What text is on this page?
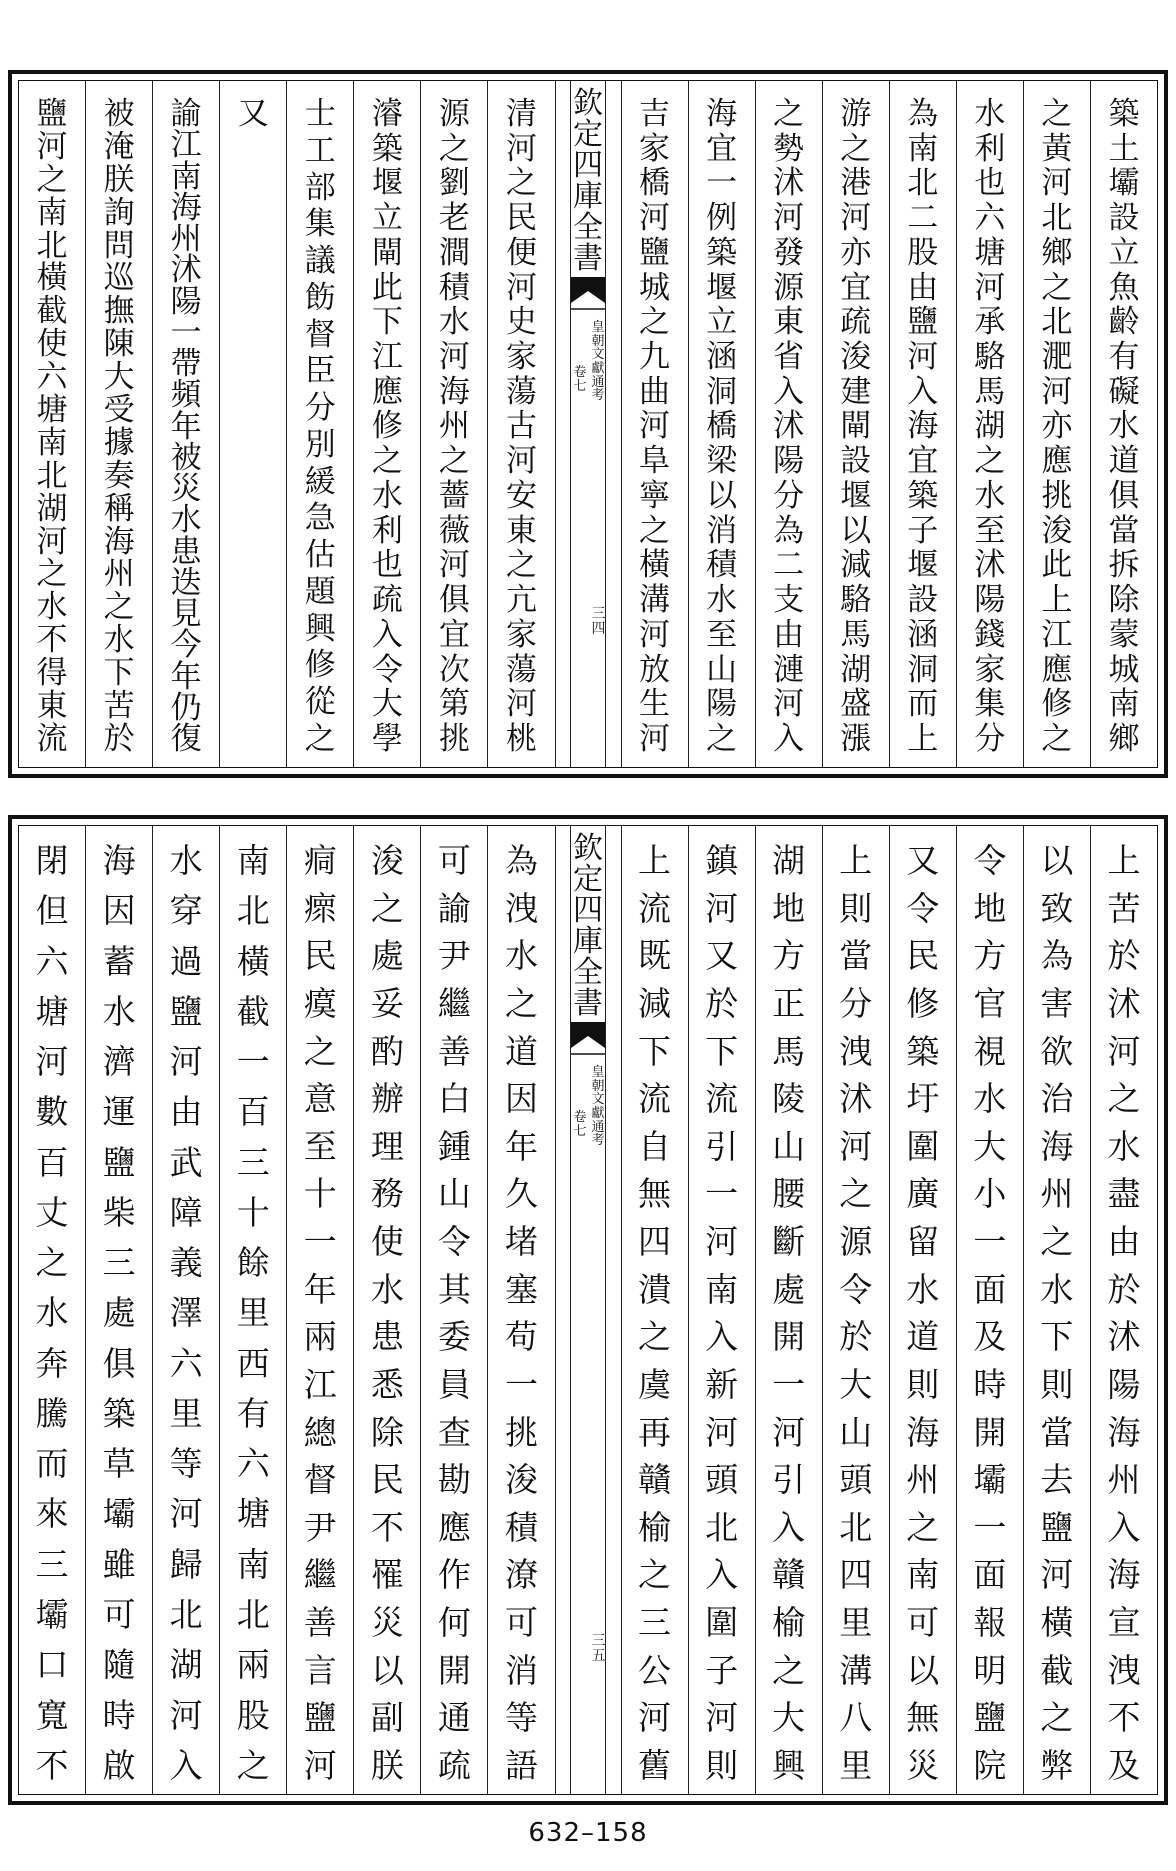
築
土
壩
設
立
魚
齡
有
礙
水
道
俱
當
拆
除
蒙
城
南
鄉
之
黃
河
北
鄉
之
北
淝
河
亦
應
挑
浚
此
上
江
應
修
之
水
利
也
六
塘
河
承
駱
馬
湖
之
水
至
沭
陽
錢
家
集
分
為
南
北
二
股
由
鹽
河
入
海
宜
築
子
堰
設
涵
洞
而
上
游
之
港
河
亦
宜
疏
浚
建
閘
設
堰
以
減
駱
馬
湖
盛
漲
之
勢
沭
河
發
源
東
省
入
沭
陽
分
為
二
支
由
漣
河
入
海
宜
一
例
築
堰
立
涵
洞
橋
梁
以
消
積
水
至
山
陽
之
吉
家
橋
河
鹽
城
之
九
曲
河
阜
寧
之
橫
溝
河
放
生
河
欽
定
四
庫
全
書
皇
朝
文
獻
通
考
卷
七
三
四
清
河
之
民
便
河
史
家
蕩
古
河
安
東
之
亢
家
蕩
河
桃
源
之
劉
老
澗
積
水
河
海
州
之
薔
薇
河
俱
宜
次
第
挑
濬
築
堰
立
閘
此
下
江
應
修
之
水
利
也
疏
入
令
大
學
士
工
部
集
議
飭
督
臣
分
別
緩
急
估
題
興
修
從
之
又
諭
江
南
海
州
沭
陽
一
帶
頻
年
被
災
水
患
迭
見
今
年
仍
復
被
淹
朕
詢
問
巡
撫
陳
大
受
據
奏
稱
海
州
之
水
下
苦
於
鹽
河
之
南
北
橫
截
使
六
塘
南
北
湖
河
之
水
不
得
東
流
上
苦
於
沭
河
之
水
盡
由
於
沭
陽
海
州
入
海
宣
洩
不
及
以
致
為
害
欲
治
海
州
之
水
下
則
當
去
鹽
河
橫
截
之
弊
令
地
方
官
視
水
大
小
一
面
及
時
開
壩
一
面
報
明
鹽
院
又
令
民
修
築
圩
圍
廣
留
水
道
則
海
州
之
南
可
以
無
災
上
則
當
分
洩
沭
河
之
源
令
於
大
山
頭
北
四
里
溝
八
里
湖
地
方
正
馬
陵
山
腰
斷
處
開
一
河
引
入
贛
榆
之
大
興
鎮
河
又
於
下
流
引
一
河
南
入
新
河
頭
北
入
圍
子
河
則
上
流
既
減
下
流
自
無
四
潰
之
虞
再
贛
榆
之
三
公
河
舊
欽
定
四
庫
全
書
皇
朝
文
獻
通
考
卷
七
三
五
為
洩
水
之
道
因
年
久
堵
塞
苟
一
挑
浚
積
潦
可
消
等
語
可
諭
尹
繼
善
白
鍾
山
令
其
委
員
查
勘
應
作
何
開
通
疏
浚
之
處
妥
酌
辦
理
務
使
水
患
悉
除
民
不
罹
災
以
副
朕
痌
瘝
民
瘼
之
意
至
十
一
年
兩
江
總
督
尹
繼
善
言
鹽
河
南
北
橫
截
一
百
三
十
餘
里
西
有
六
塘
南
北
兩
股
之
水
穿
過
鹽
河
由
武
障
義
澤
六
里
等
河
歸
北
湖
河
入
海
因
蓄
水
濟
運
鹽
柴
三
處
俱
築
草
壩
雖
可
隨
時
啟
閉
但
六
塘
河
數
百
丈
之
水
奔
騰
而
來
三
壩
口
寬
不
632–158
